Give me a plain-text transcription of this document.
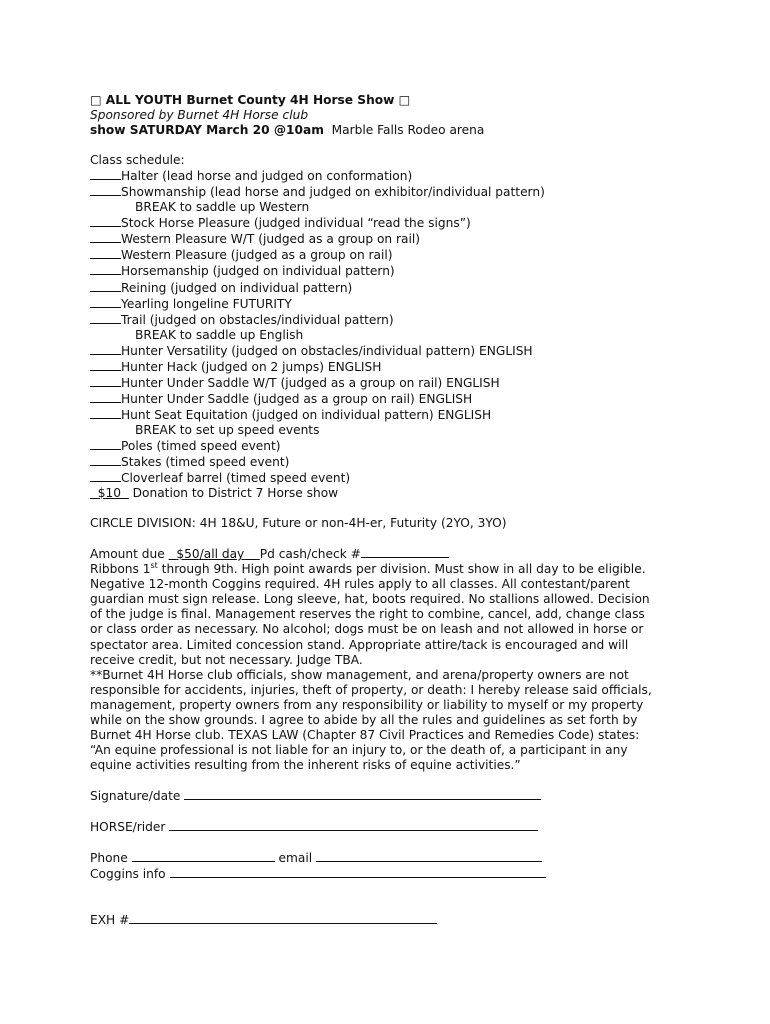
□ ALL YOUTH Burnet County 4H Horse Show □
Sponsored by Burnet 4H Horse club
show SATURDAY March 20 @10am Marble Falls Rodeo arena
Class schedule:
Halter (lead horse and judged on conformation)
Showmanship (lead horse and judged on exhibitor/individual pattern)
BREAK to saddle up Western
Stock Horse Pleasure (judged individual “read the signs”)
Western Pleasure W/T (judged as a group on rail)
Western Pleasure (judged as a group on rail)
Horsemanship (judged on individual pattern)
Reining (judged on individual pattern)
Yearling longeline FUTURITY
Trail (judged on obstacles/individual pattern)
BREAK to saddle up English
Hunter Versatility (judged on obstacles/individual pattern) ENGLISH
Hunter Hack (judged on 2 jumps) ENGLISH
Hunter Under Saddle W/T (judged as a group on rail) ENGLISH
Hunter Under Saddle (judged as a group on rail) ENGLISH
Hunt Seat Equitation (judged on individual pattern) ENGLISH
BREAK to set up speed events
Poles (timed speed event)
Stakes (timed speed event)
Cloverleaf barrel (timed speed event)
$10 Donation to District 7 Horse show
CIRCLE DIVISION: 4H 18&U, Future or non-4H-er, Futurity (2YO, 3YO)
Amount due $50/all day Pd cash/check #
Ribbons 1st through 9th. High point awards per division. Must show in all day to be eligible.
Negative 12-month Coggins required. 4H rules apply to all classes. All contestant/parent
guardian must sign release. Long sleeve, hat, boots required. No stallions allowed. Decision
of the judge is final. Management reserves the right to combine, cancel, add, change class
or class order as necessary. No alcohol; dogs must be on leash and not allowed in horse or
spectator area. Limited concession stand. Appropriate attire/tack is encouraged and will
receive credit, but not necessary. Judge TBA.
**Burnet 4H Horse club officials, show management, and arena/property owners are not
responsible for accidents, injuries, theft of property, or death: I hereby release said officials,
management, property owners from any responsibility or liability to myself or my property
while on the show grounds. I agree to abide by all the rules and guidelines as set forth by
Burnet 4H Horse club. TEXAS LAW (Chapter 87 Civil Practices and Remedies Code) states:
“An equine professional is not liable for an injury to, or the death of, a participant in any
equine activities resulting from the inherent risks of equine activities.”
Signature/date
HORSE/rider
Phone	email
Coggins info
EXH #
